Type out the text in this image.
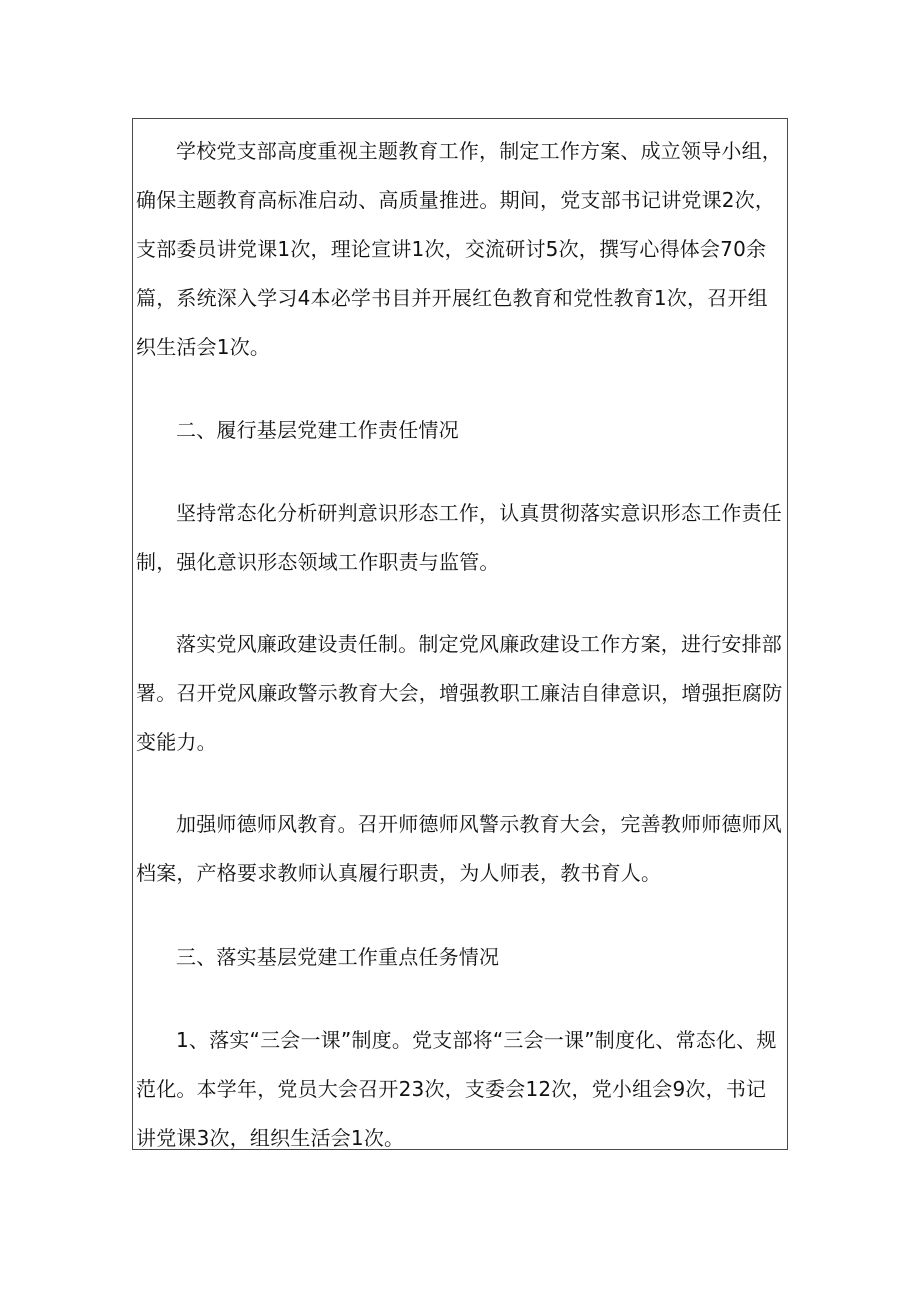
学校党支部高度重视主题教育工作，制定工作方案、成立领导小组，确保主题教育高标准启动、高质量推进。期间，党支部书记讲党课2次，支部委员讲党课1次，理论宣讲1次，交流研讨5次，撰写心得体会70余篇，系统深入学习4本必学书目并开展红色教育和党性教育1次，召开组织生活会1次。

二、履行基层党建工作责任情况

坚持常态化分析研判意识形态工作，认真贯彻落实意识形态工作责任制，强化意识形态领域工作职责与监管。

落实党风廉政建设责任制。制定党风廉政建设工作方案，进行安排部署。召开党风廉政警示教育大会，增强教职工廉洁自律意识，增强拒腐防变能力。

加强师德师风教育。召开师德师风警示教育大会，完善教师师德师风档案，产格要求教师认真履行职责，为人师表，教书育人。

三、落实基层党建工作重点任务情况

1、落实“三会一课”制度。党支部将“三会一课”制度化、常态化、规范化。本学年，党员大会召开23次，支委会12次，党小组会9次，书记讲党课3次，组织生活会1次。
